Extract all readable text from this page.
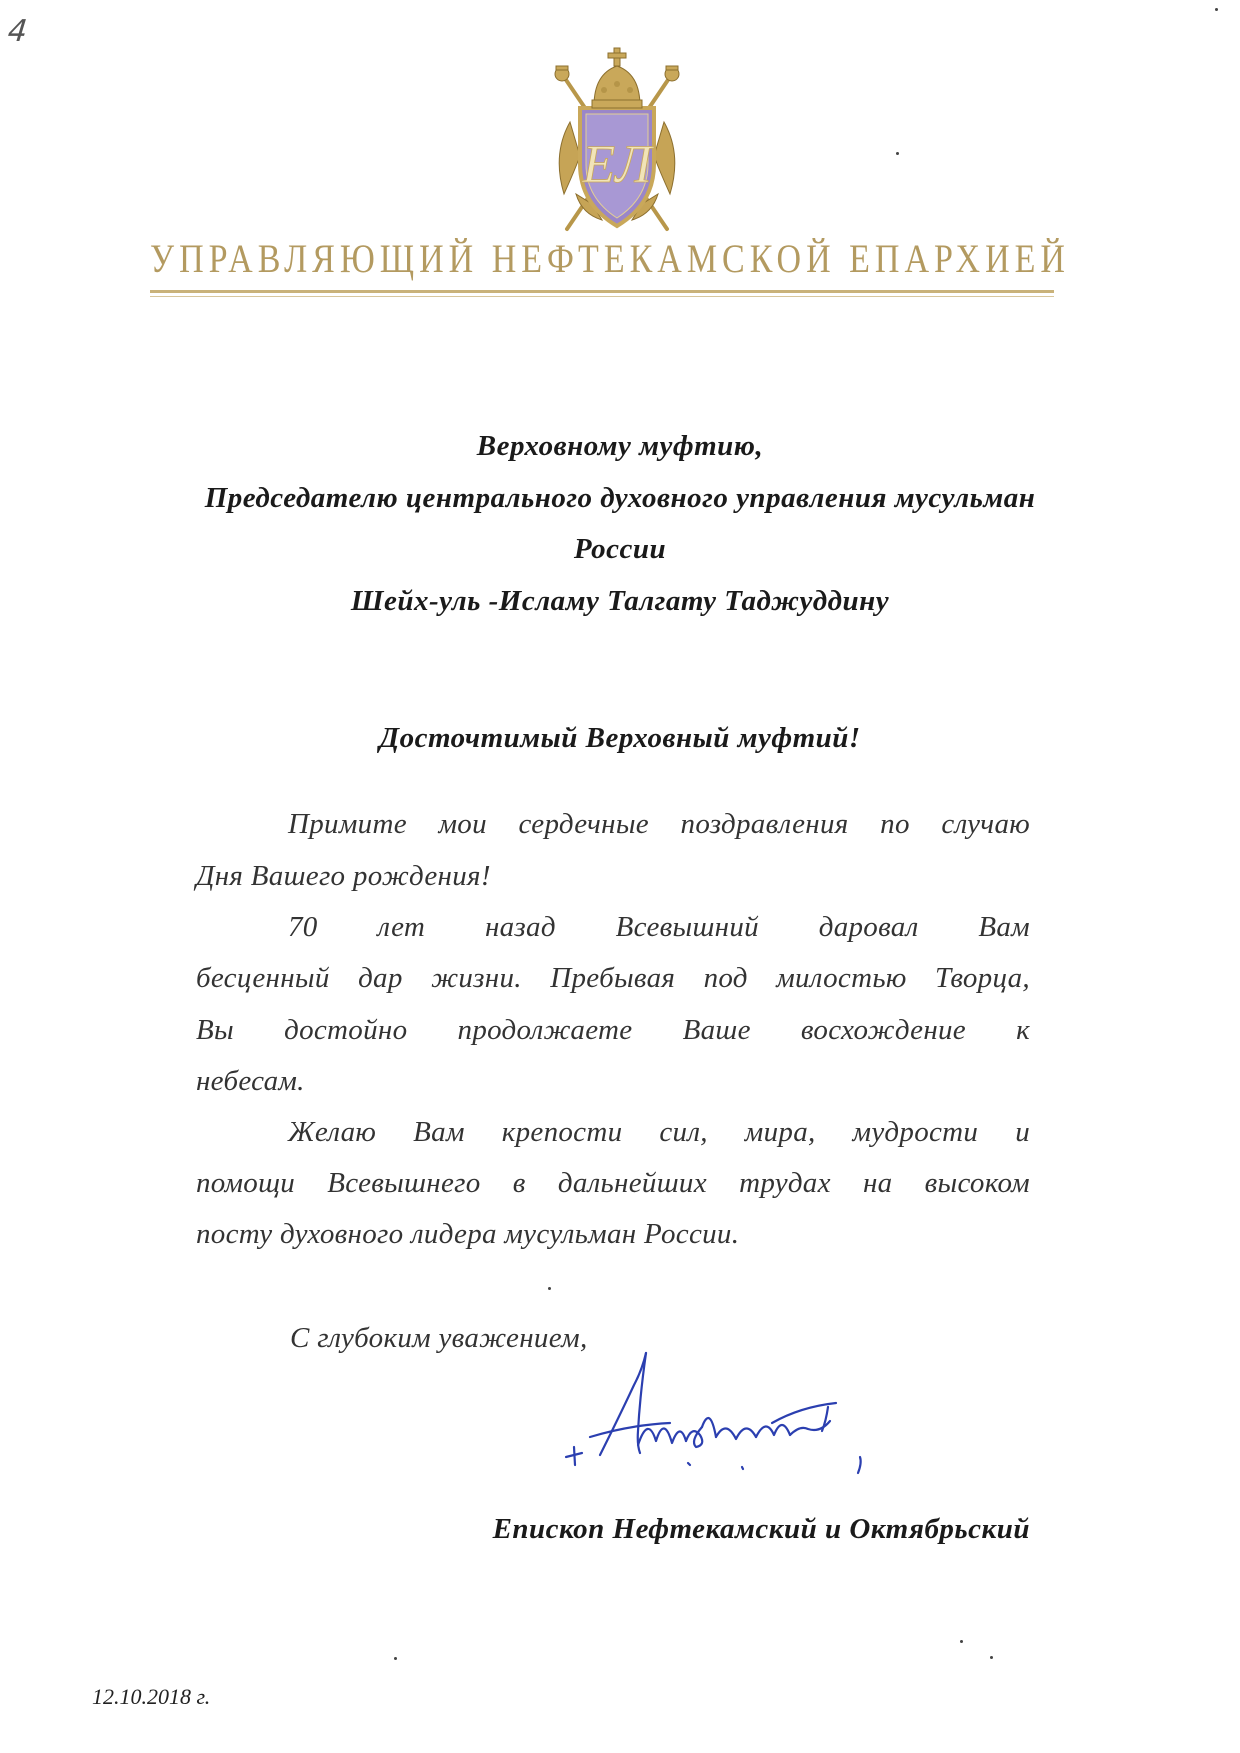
4
ЕЛ
УПРАВЛЯЮЩИЙ НЕФТЕКАМСКОЙ ЕПАРХИЕЙ
Верховному муфтию,
Председателю центрального духовного управления мусульман
России
Шейх-уль -Исламу Талгату Таджуддину
Досточтимый Верховный муфтий!
Примите мои сердечные поздравления по случаю
Дня Вашего рождения!
70 лет назад Всевышний даровал Вам
бесценный дар жизни. Пребывая под милостью Творца,
Вы достойно продолжаете Ваше восхождение к
небесам.
Желаю Вам крепости сил, мира, мудрости и
помощи Всевышнего в дальнейших трудах на высоком
посту духовного лидера мусульман России.
С глубоким уважением,
Епископ Нефтекамский и Октябрьский
12.10.2018 г.
